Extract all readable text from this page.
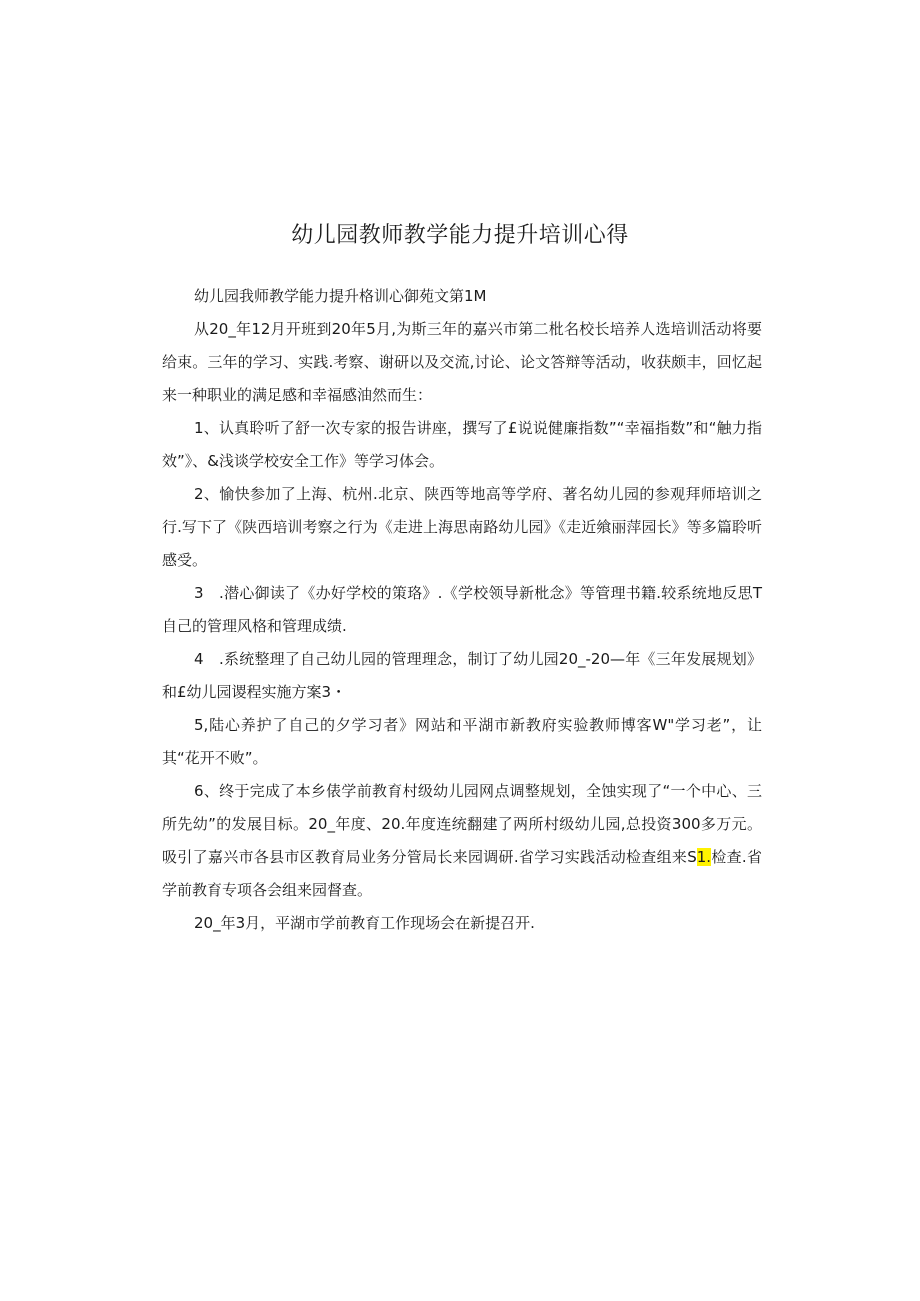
幼儿园教师教学能力提升培训心得

幼儿园我师教学能力提升格训心御苑文第1M

从20_年12月开班到20年5月,为斯三年的嘉兴市第二枇名校长培养人选培训活动将要给束。三年的学习、实践.考察、谢研以及交流,讨论、论文答辩等活动，收获颇丰，回忆起来一种职业的满足感和幸福感油然而生：

1、认真聆听了舒一次专家的报告讲座，撰写了£说说健廉指数”“幸福指数”和“触力指效”》、&浅谈学校安全工作》等学习体会。

2、愉快参加了上海、杭州.北京、陕西等地高等学府、著名幼儿园的参观拜师培训之行.写下了《陕西培训考察之行为《走进上海思南路幼儿园》《走近飨丽萍园长》等多篇聆听感受。

3　.潜心御读了《办好学校的策珞》.《学校领导新枇念》等管理书籍.较系统地反思T自己的管理风格和管理成绩.

4　.系统整理了自己幼儿园的管理理念，制订了幼儿园20_-20—年《三年发展规划》和£幼儿园谡程实施方案3・

5,陆心养护了自己的夕学习者》网站和平湖市新教府实验教师博客W"学习老”，让其“花开不败”。

6、终于完成了本乡俵学前教育村级幼儿园网点调整规划，全蚀实现了“一个中心、三所先幼”的发展目标。20_年度、20.年度连统翻建了两所村级幼儿园,总投资300多万元。吸引了嘉兴市各县市区教育局业务分管局长来园调研.省学习实践活动检查组来S1.检查.省学前教育专项各会组来园督查。

20_年3月，平湖市学前教育工作现场会在新提召开.
